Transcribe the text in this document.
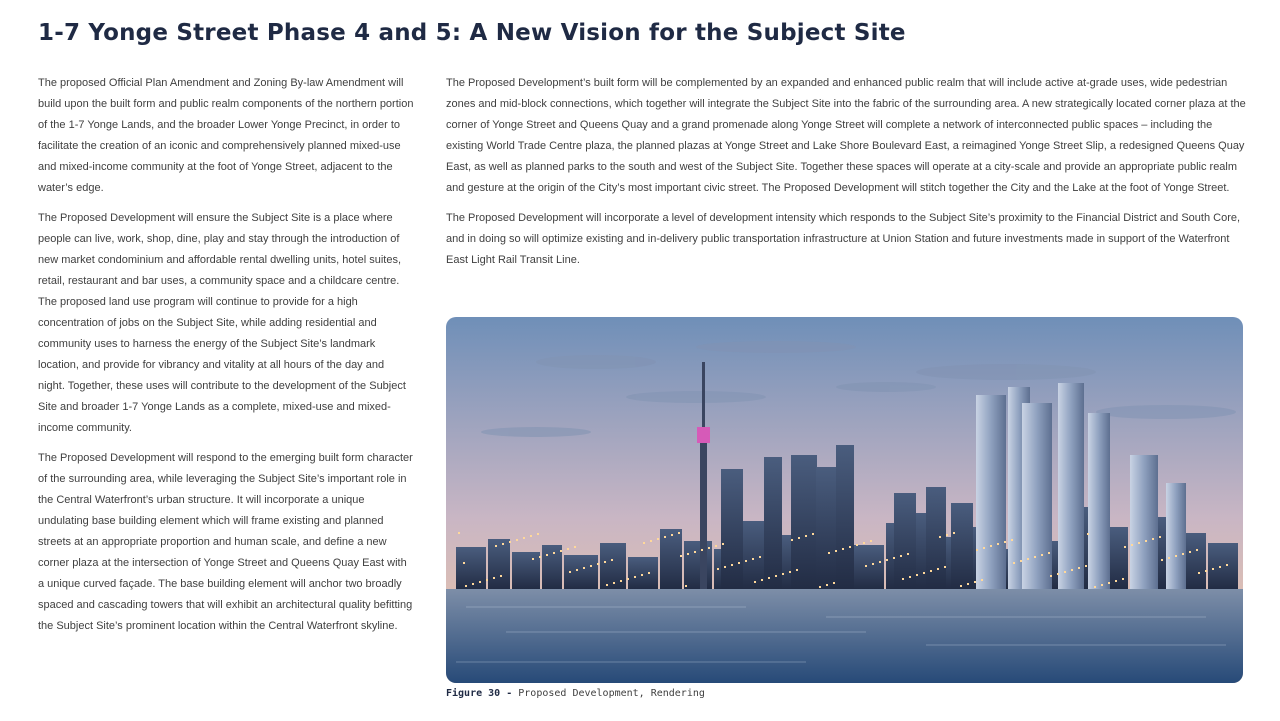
1-7 Yonge Street Phase 4 and 5: A New Vision for the Subject Site

The proposed Official Plan Amendment and Zoning By-law Amendment will build upon the built form and public realm components of the northern portion of the 1-7 Yonge Lands, and the broader Lower Yonge Precinct, in order to facilitate the creation of an iconic and comprehensively planned mixed-use and mixed-income community at the foot of Yonge Street, adjacent to the water’s edge.

The Proposed Development will ensure the Subject Site is a place where people can live, work, shop, dine, play and stay through the introduction of new market condominium and affordable rental dwelling units, hotel suites, retail, restaurant and bar uses, a community space and a childcare centre. The proposed land use program will continue to provide for a high concentration of jobs on the Subject Site, while adding residential and community uses to harness the energy of the Subject Site’s landmark location, and provide for vibrancy and vitality at all hours of the day and night. Together, these uses will contribute to the development of the Subject Site and broader 1-7 Yonge Lands as a complete, mixed-use and mixed-income community.

The Proposed Development will respond to the emerging built form character of the surrounding area, while leveraging the Subject Site’s important role in the Central Waterfront’s urban structure. It will incorporate a unique undulating base building element which will frame existing and planned streets at an appropriate proportion and human scale, and define a new corner plaza at the intersection of Yonge Street and Queens Quay East with a unique curved façade. The base building element will anchor two broadly spaced and cascading towers that will exhibit an architectural quality befitting the Subject Site’s prominent location within the Central Waterfront skyline.

The Proposed Development’s built form will be complemented by an expanded and enhanced public realm that will include active at-grade uses, wide pedestrian zones and mid-block connections, which together will integrate the Subject Site into the fabric of the surrounding area. A new strategically located corner plaza at the corner of Yonge Street and Queens Quay and a grand promenade along Yonge Street will complete a network of interconnected public spaces – including the existing World Trade Centre plaza, the planned plazas at Yonge Street and Lake Shore Boulevard East, a reimagined Yonge Street Slip, a redesigned Queens Quay East, as well as planned parks to the south and west of the Subject Site. Together these spaces will operate at a city-scale and provide an appropriate public realm and gesture at the origin of the City’s most important civic street. The Proposed Development will stitch together the City and the Lake at the foot of Yonge Street.

The Proposed Development will incorporate a level of development intensity which responds to the Subject Site’s proximity to the Financial District and South Core, and in doing so will optimize existing and in-delivery public transportation infrastructure at Union Station and future investments made in support of the Waterfront East Light Rail Transit Line.

Figure 30 - Proposed Development, Rendering
